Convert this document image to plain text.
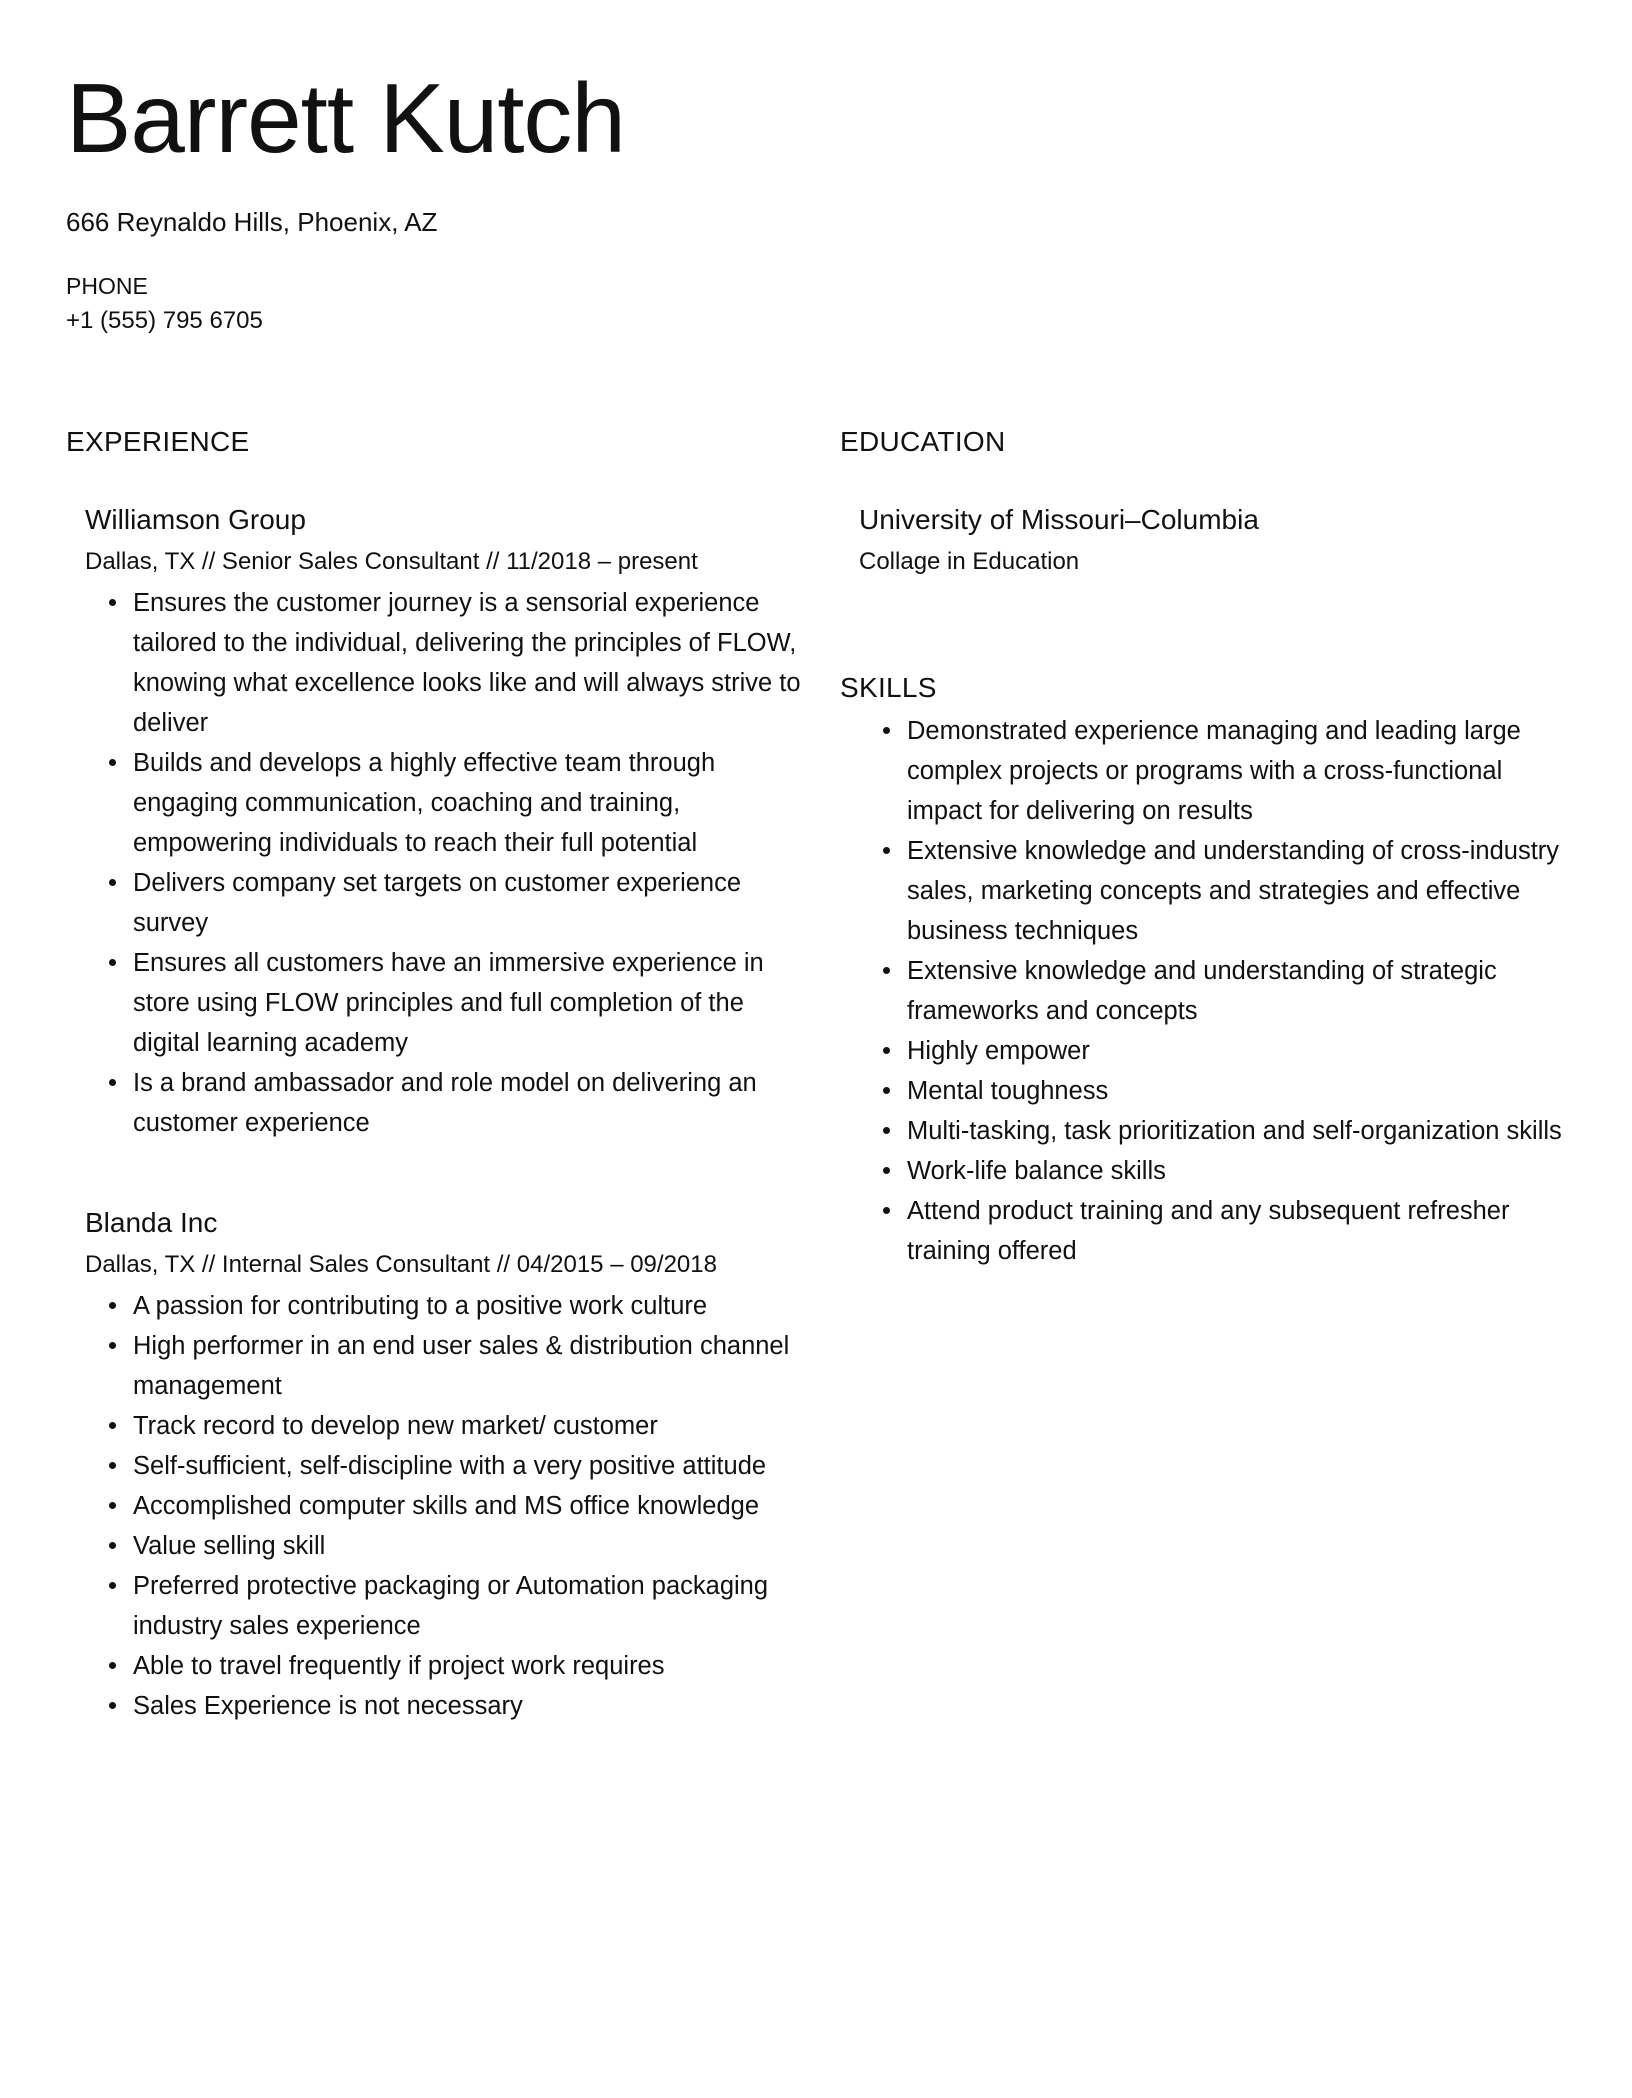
Barrett Kutch
666 Reynaldo Hills, Phoenix, AZ
PHONE
+1 (555) 795 6705
EXPERIENCE
Williamson Group
Dallas, TX // Senior Sales Consultant // 11/2018 – present
Ensures the customer journey is a sensorial experience tailored to the individual, delivering the principles of FLOW, knowing what excellence looks like and will always strive to deliver
Builds and develops a highly effective team through engaging communication, coaching and training, empowering individuals to reach their full potential
Delivers company set targets on customer experience survey
Ensures all customers have an immersive experience in store using FLOW principles and full completion of the digital learning academy
Is a brand ambassador and role model on delivering an customer experience
Blanda Inc
Dallas, TX // Internal Sales Consultant // 04/2015 – 09/2018
A passion for contributing to a positive work culture
High performer in an end user sales & distribution channel management
Track record to develop new market/ customer
Self-sufficient, self-discipline with a very positive attitude
Accomplished computer skills and MS office knowledge
Value selling skill
Preferred protective packaging or Automation packaging industry sales experience
Able to travel frequently if project work requires
Sales Experience is not necessary
EDUCATION
University of Missouri–Columbia
Collage in Education
SKILLS
Demonstrated experience managing and leading large complex projects or programs with a cross-functional impact for delivering on results
Extensive knowledge and understanding of cross-industry sales, marketing concepts and strategies and effective business techniques
Extensive knowledge and understanding of strategic frameworks and concepts
Highly empower
Mental toughness
Multi-tasking, task prioritization and self-organization skills
Work-life balance skills
Attend product training and any subsequent refresher training offered
